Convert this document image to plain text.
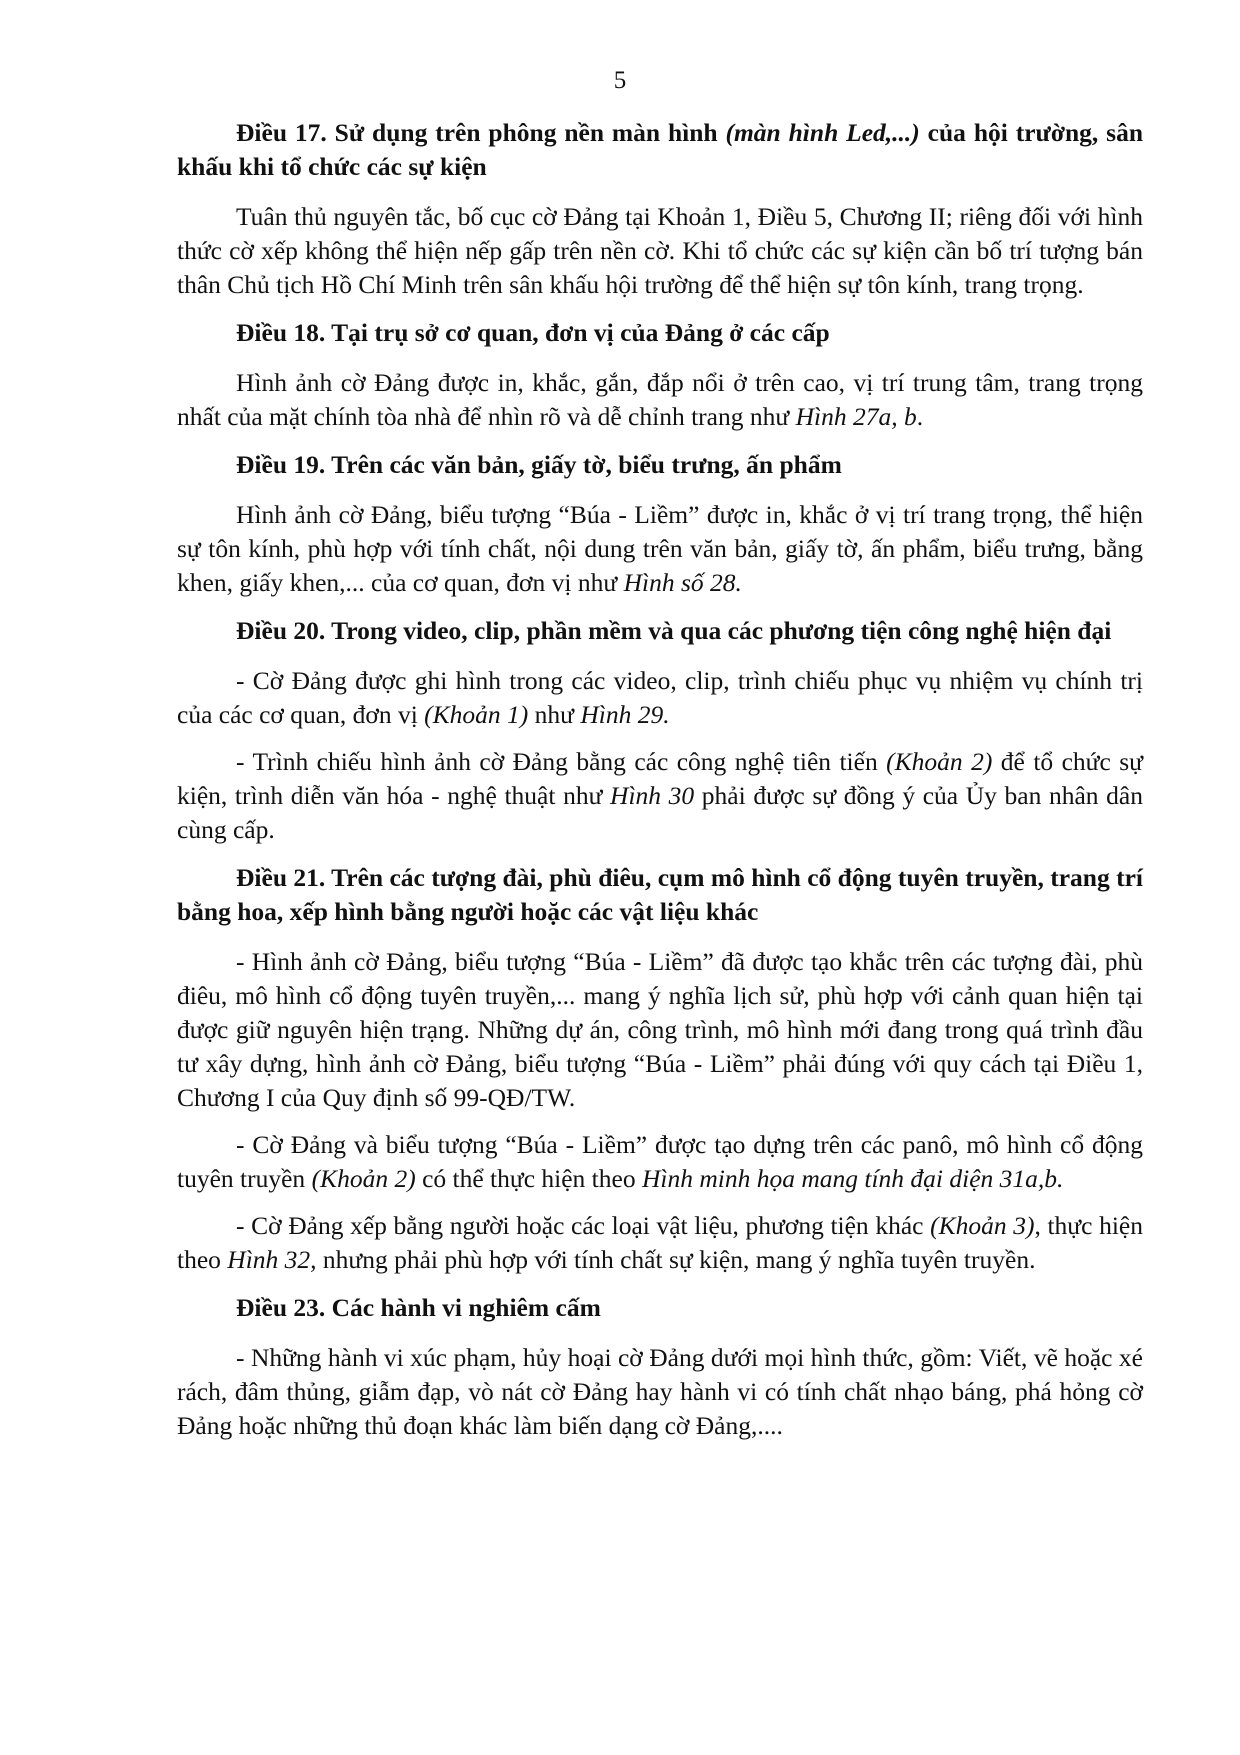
5
Điều 17. Sử dụng trên phông nền màn hình (màn hình Led,...) của hội trường, sân khấu khi tổ chức các sự kiện
Tuân thủ nguyên tắc, bố cục cờ Đảng tại Khoản 1, Điều 5, Chương II; riêng đối với hình thức cờ xếp không thể hiện nếp gấp trên nền cờ. Khi tổ chức các sự kiện cần bố trí tượng bán thân Chủ tịch Hồ Chí Minh trên sân khấu hội trường để thể hiện sự tôn kính, trang trọng.
Điều 18. Tại trụ sở cơ quan, đơn vị của Đảng ở các cấp
Hình ảnh cờ Đảng được in, khắc, gắn, đắp nổi ở trên cao, vị trí trung tâm, trang trọng nhất của mặt chính tòa nhà để nhìn rõ và dễ chỉnh trang như Hình 27a, b.
Điều 19. Trên các văn bản, giấy tờ, biểu trưng, ấn phẩm
Hình ảnh cờ Đảng, biểu tượng “Búa - Liềm” được in, khắc ở vị trí trang trọng, thể hiện sự tôn kính, phù hợp với tính chất, nội dung trên văn bản, giấy tờ, ấn phẩm, biểu trưng, bằng khen, giấy khen,... của cơ quan, đơn vị như Hình số 28.
Điều 20. Trong video, clip, phần mềm và qua các phương tiện công nghệ hiện đại
- Cờ Đảng được ghi hình trong các video, clip, trình chiếu phục vụ nhiệm vụ chính trị của các cơ quan, đơn vị (Khoản 1) như Hình 29.
- Trình chiếu hình ảnh cờ Đảng bằng các công nghệ tiên tiến (Khoản 2) để tổ chức sự kiện, trình diễn văn hóa - nghệ thuật như Hình 30 phải được sự đồng ý của Ủy ban nhân dân cùng cấp.
Điều 21. Trên các tượng đài, phù điêu, cụm mô hình cổ động tuyên truyền, trang trí bằng hoa, xếp hình bằng người hoặc các vật liệu khác
- Hình ảnh cờ Đảng, biểu tượng “Búa - Liềm” đã được tạo khắc trên các tượng đài, phù điêu, mô hình cổ động tuyên truyền,... mang ý nghĩa lịch sử, phù hợp với cảnh quan hiện tại được giữ nguyên hiện trạng. Những dự án, công trình, mô hình mới đang trong quá trình đầu tư xây dựng, hình ảnh cờ Đảng, biểu tượng “Búa - Liềm” phải đúng với quy cách tại Điều 1, Chương I của Quy định số 99-QĐ/TW.
- Cờ Đảng và biểu tượng “Búa - Liềm” được tạo dựng trên các panô, mô hình cổ động tuyên truyền (Khoản 2) có thể thực hiện theo Hình minh họa mang tính đại diện 31a,b.
- Cờ Đảng xếp bằng người hoặc các loại vật liệu, phương tiện khác (Khoản 3), thực hiện theo Hình 32, nhưng phải phù hợp với tính chất sự kiện, mang ý nghĩa tuyên truyền.
Điều 23. Các hành vi nghiêm cấm
- Những hành vi xúc phạm, hủy hoại cờ Đảng dưới mọi hình thức, gồm: Viết, vẽ hoặc xé rách, đâm thủng, giẫm đạp, vò nát cờ Đảng hay hành vi có tính chất nhạo báng, phá hỏng cờ Đảng hoặc những thủ đoạn khác làm biến dạng cờ Đảng,....
